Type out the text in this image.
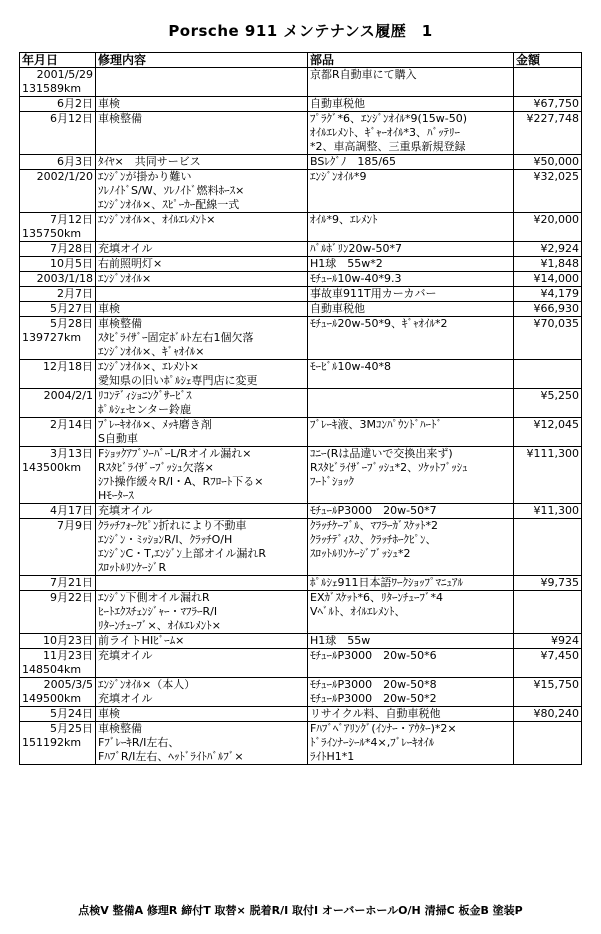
Porsche 911 メンテナンス履歴　1
年月日	修理内容	部品	金額

2001/5/29
131589km		京都R自動車にて購入	

6月2日	車検	自動車税他	¥67,750

6月12日	車検整備	ﾌﾟﾗｸﾞ*6、ｴﾝｼﾞﾝｵｲﾙ*9(15w-50)
ｵｲﾙｴﾚﾒﾝﾄ、ｷﾞｬｰｵｲﾙ*3、ﾊﾞｯﾃﾘｰ
*2、車高調整、三重県新規登録	¥227,748

6月3日	ﾀｲﾔ×　共同サービス	BSﾚｸﾞﾉ　185/65	¥50,000

2002/1/20	ｴﾝｼﾞﾝが掛かり難い
ｿﾚﾉｲﾄﾞS/W、ｿﾚﾉｲﾄﾞ燃料ﾎｰｽ×
ｴﾝｼﾞﾝｵｲﾙ×、ｽﾋﾟｰｶｰ配線一式	ｴﾝｼﾞﾝｵｲﾙ*9	¥32,025

7月12日
135750km	ｴﾝｼﾞﾝｵｲﾙ×、ｵｲﾙｴﾚﾒﾝﾄ×	ｵｲﾙ*9、ｴﾚﾒﾝﾄ	¥20,000

7月28日	充填オイル	ﾊﾞﾙﾎﾞﾘﾝ20w-50*7	¥2,924

10月5日	右前照明灯×	H1球　55w*2	¥1,848

2003/1/18	ｴﾝｼﾞﾝｵｲﾙ×	ﾓﾁｭｰﾙ10w-40*9.3	¥14,000

2月7日		事故車911T用カーカバー	¥4,179

5月27日	車検	自動車税他	¥66,930

5月28日
139727km	車検整備
ｽﾀﾋﾞﾗｲｻﾞｰ固定ﾎﾞﾙﾄ左右1個欠落
ｴﾝｼﾞﾝｵｲﾙ×、ｷﾞｬｵｲﾙ×	ﾓﾁｭｰﾙ20w-50*9、ｷﾞｬｵｲﾙ*2	¥70,035

12月18日	ｴﾝｼﾞﾝｵｲﾙ×、ｴﾚﾒﾝﾄ×
愛知県の旧いﾎﾟﾙｼｪ専門店に変更	ﾓｰﾋﾞﾙ10w-40*8	

2004/2/1	ﾘｺﾝﾃﾞｨｼｮﾆﾝｸﾞｻｰﾋﾞｽ
ﾎﾟﾙｼｪセンター鈴鹿		¥5,250

2月14日	ﾌﾞﾚｰｷｵｲﾙ×、ﾒｯｷ磨き剤
S自動車	ﾌﾞﾚｰｷ液、3Mｺﾝﾊﾟｳﾝﾄﾞﾊｰﾄﾞ	¥12,045

3月13日
143500km	FｼｮｯｸｱﾌﾞｿｰﾊﾞｰL/Rオイル漏れ×
Rｽﾀﾋﾞﾗｲｻﾞｰﾌﾞｯｼｭ欠落×
ｼﾌﾄ操作緩々R/I・A、Rﾌﾛｰﾄ下る×
Hﾓｰﾀｰｽ	ｺﾆｰ(Rは品違いで交換出来ず)
Rｽﾀﾋﾞﾗｲｻﾞｰﾌﾞｯｼｭ*2、ｿｹｯﾄﾌﾞｯｼｭ
ﾌｰﾄﾞｼｮｯｸ	¥111,300

4月17日	充填オイル	ﾓﾁｭｰﾙP3000　20w-50*7	¥11,300

7月9日	ｸﾗｯﾁﾌｫｰｸﾋﾟﾝ折れにより不動車
ｴﾝｼﾞﾝ・ﾐｯｼｮﾝR/I、ｸﾗｯﾁO/H
ｴﾝｼﾞﾝC・T,ｴﾝｼﾞﾝ上部オイル漏れR
ｽﾛｯﾄﾙﾘﾝｹｰｼﾞR	ｸﾗｯﾁｹｰﾌﾞﾙ、ﾏﾌﾗｰｶﾞｽｹｯﾄ*2
ｸﾗｯﾁﾃﾞｨｽｸ、ｸﾗｯﾁﾎｰｸﾋﾟﾝ、
ｽﾛｯﾄﾙﾘﾝｹｰｼﾞﾌﾞｯｼｭ*2	

7月21日		ﾎﾟﾙｼｪ911日本語ﾜｰｸｼｮｯﾌﾟﾏﾆｭｱﾙ	¥9,735

9月22日	ｴﾝｼﾞﾝ下側オイル漏れR
ﾋｰﾄｴｸｽﾁｪﾝｼﾞｬｰ・ﾏﾌﾗｰR/I
ﾘﾀｰﾝﾁｭｰﾌﾞ×、ｵｲﾙｴﾚﾒﾝﾄ×	EXｶﾞｽｹｯﾄ*6、ﾘﾀｰﾝﾁｭｰﾌﾞ*4
Vﾍﾞﾙﾄ、ｵｲﾙｴﾚﾒﾝﾄ、	

10月23日	前ライトHIﾋﾞｰﾑ×	H1球　55w	¥924

11月23日
148504km	充填オイル	ﾓﾁｭｰﾙP3000　20w-50*6	¥7,450

2005/3/5
149500km	ｴﾝｼﾞﾝｵｲﾙ×（本人）
充填オイル	ﾓﾁｭｰﾙP3000　20w-50*8
ﾓﾁｭｰﾙP3000　20w-50*2	¥15,750

5月24日	車検	リサイクル料、自動車税他	¥80,240

5月25日
151192km	車検整備
FﾌﾞﾚｰｷR/I左右、
FﾊﾌﾞR/I左右、ﾍｯﾄﾞﾗｲﾄﾊﾞﾙﾌﾞ×	Fﾊﾌﾞﾍﾞｱﾘﾝｸﾞ(ｲﾝﾅｰ・ｱｳﾀｰ)*2×
ﾄﾞﾗｲﾝﾅｰｼｰﾙ*4×,ﾌﾞﾚｰｷｵｲﾙ
ﾗｲﾄH1*1	

点検V 整備A 修理R 締付T 取替× 脱着R/I 取付I オーバーホールO/H 清掃C 板金B 塗装P
